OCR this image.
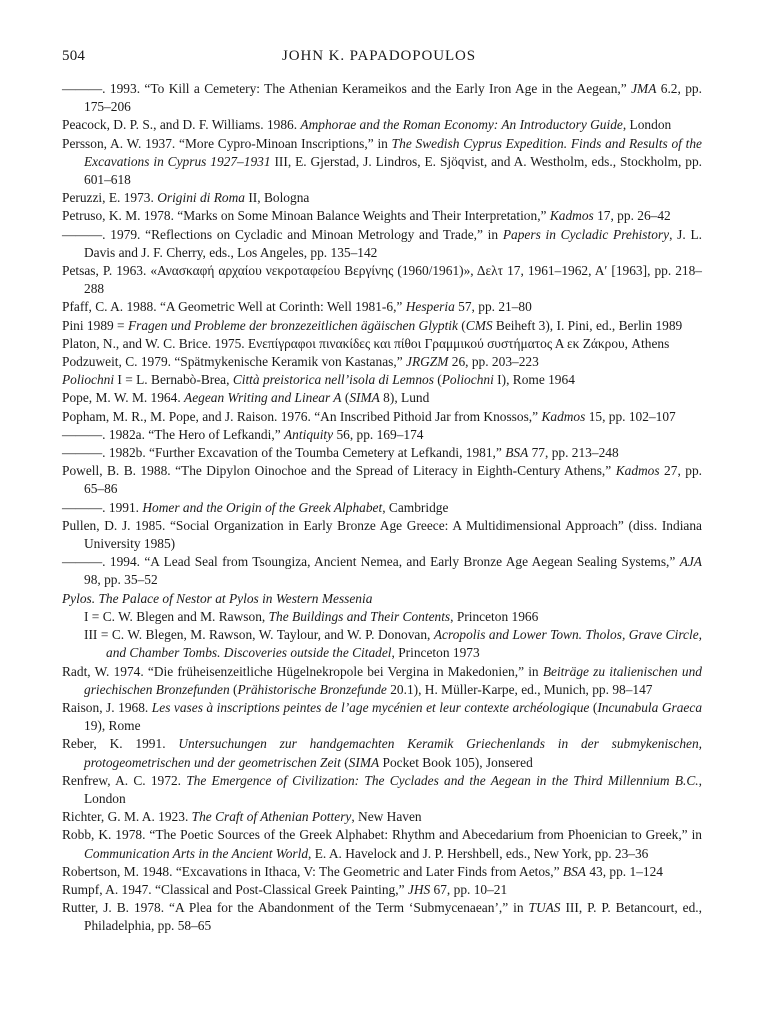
504	JOHN K. PAPADOPOULOS

———. 1993. “To Kill a Cemetery: The Athenian Kerameikos and the Early Iron Age in the Aegean,” JMA 6.2, pp. 175–206

Peacock, D. P. S., and D. F. Williams. 1986. Amphorae and the Roman Economy: An Introductory Guide, London

Persson, A. W. 1937. “More Cypro-Minoan Inscriptions,” in The Swedish Cyprus Expedition. Finds and Results of the Excavations in Cyprus 1927–1931 III, E. Gjerstad, J. Lindros, E. Sjöqvist, and A. Westholm, eds., Stockholm, pp. 601–618

Peruzzi, E. 1973. Origini di Roma II, Bologna

Petruso, K. M. 1978. “Marks on Some Minoan Balance Weights and Their Interpretation,” Kadmos 17, pp. 26–42

———. 1979. “Reflections on Cycladic and Minoan Metrology and Trade,” in Papers in Cycladic Prehistory, J. L. Davis and J. F. Cherry, eds., Los Angeles, pp. 135–142

Petsas, P. 1963. «Ανασκαφή αρχαίου νεκροταφείου Βεργίνης (1960/1961)», Δελτ 17, 1961–1962, Α′ [1963], pp. 218–288

Pfaff, C. A. 1988. “A Geometric Well at Corinth: Well 1981-6,” Hesperia 57, pp. 21–80

Pini 1989 = Fragen und Probleme der bronzezeitlichen ägäischen Glyptik (CMS Beiheft 3), I. Pini, ed., Berlin 1989

Platon, N., and W. C. Brice. 1975. Ενεπίγραφοι πινακίδες και πίθοι Γραμμικού συστήματος Α εκ Ζάκρου, Athens

Podzuweit, C. 1979. “Spätmykenische Keramik von Kastanas,” JRGZM 26, pp. 203–223

Poliochni I = L. Bernabò-Brea, Città preistorica nell’isola di Lemnos (Poliochni I), Rome 1964

Pope, M. W. M. 1964. Aegean Writing and Linear A (SIMA 8), Lund

Popham, M. R., M. Pope, and J. Raison. 1976. “An Inscribed Pithoid Jar from Knossos,” Kadmos 15, pp. 102–107

———. 1982a. “The Hero of Lefkandi,” Antiquity 56, pp. 169–174

———. 1982b. “Further Excavation of the Toumba Cemetery at Lefkandi, 1981,” BSA 77, pp. 213–248

Powell, B. B. 1988. “The Dipylon Oinochoe and the Spread of Literacy in Eighth-Century Athens,” Kadmos 27, pp. 65–86

———. 1991. Homer and the Origin of the Greek Alphabet, Cambridge

Pullen, D. J. 1985. “Social Organization in Early Bronze Age Greece: A Multidimensional Approach” (diss. Indiana University 1985)

———. 1994. “A Lead Seal from Tsoungiza, Ancient Nemea, and Early Bronze Age Aegean Sealing Systems,” AJA 98, pp. 35–52

Pylos. The Palace of Nestor at Pylos in Western Messenia

I = C. W. Blegen and M. Rawson, The Buildings and Their Contents, Princeton 1966

III = C. W. Blegen, M. Rawson, W. Taylour, and W. P. Donovan, Acropolis and Lower Town. Tholos, Grave Circle, and Chamber Tombs. Discoveries outside the Citadel, Princeton 1973

Radt, W. 1974. “Die früheisenzeitliche Hügelnekropole bei Vergina in Makedonien,” in Beiträge zu italienischen und griechischen Bronzefunden (Prähistorische Bronzefunde 20.1), H. Müller-Karpe, ed., Munich, pp. 98–147

Raison, J. 1968. Les vases à inscriptions peintes de l’age mycénien et leur contexte archéologique (Incunabula Graeca 19), Rome

Reber, K. 1991. Untersuchungen zur handgemachten Keramik Griechenlands in der submykenischen, protogeometrischen und der geometrischen Zeit (SIMA Pocket Book 105), Jonsered

Renfrew, A. C. 1972. The Emergence of Civilization: The Cyclades and the Aegean in the Third Millennium B.C., London

Richter, G. M. A. 1923. The Craft of Athenian Pottery, New Haven

Robb, K. 1978. “The Poetic Sources of the Greek Alphabet: Rhythm and Abecedarium from Phoenician to Greek,” in Communication Arts in the Ancient World, E. A. Havelock and J. P. Hershbell, eds., New York, pp. 23–36

Robertson, M. 1948. “Excavations in Ithaca, V: The Geometric and Later Finds from Aetos,” BSA 43, pp. 1–124

Rumpf, A. 1947. “Classical and Post-Classical Greek Painting,” JHS 67, pp. 10–21

Rutter, J. B. 1978. “A Plea for the Abandonment of the Term ‘Submycenaean’,” in TUAS III, P. P. Betancourt, ed., Philadelphia, pp. 58–65
